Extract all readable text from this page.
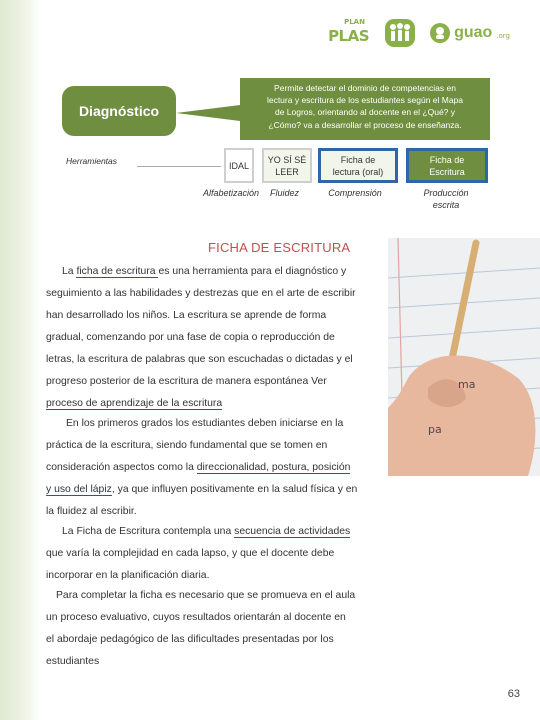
PLAN
PLAS	guao .org
Diagnóstico
Permite detectar el dominio de competencias en
lectura y escritura de los estudiantes según el Mapa
de Logros, orientando al docente en el ¿Qué? y
¿Cómo? va a desarrollar el proceso de enseñanza.
Herramientas	IDAL
YO SÍ SÉ
LEER
Ficha de
lectura (oral)
Ficha de
Escritura
Alfabetización Fluidez	Comprensión	Producción
escrita
ma
pa
FICHA DE ESCRITURA
La ficha de escritura es una herramienta para el diagnóstico y
seguimiento a las habilidades y destrezas que en el arte de escribir
han desarrollado los niños. La escritura se aprende de forma
gradual, comenzando por una fase de copia o reproducción de
letras, la escritura de palabras que son escuchadas o dictadas y el
progreso posterior de la escritura de manera espontánea Ver
proceso de aprendizaje de la escritura
En los primeros grados los estudiantes deben iniciarse en la
práctica de la escritura, siendo fundamental que se tomen en
consideración aspectos como la direccionalidad, postura, posición
y uso del lápiz, ya que influyen positivamente en la salud física y en
la fluidez al escribir.
La Ficha de Escritura contempla una secuencia de actividades
que varía la complejidad en cada lapso, y que el docente debe
incorporar en la planificación diaria.
Para completar la ficha es necesario que se promueva en el aula
un proceso evaluativo, cuyos resultados orientarán al docente en
el abordaje pedagógico de las dificultades presentadas por los
estudiantes
63
